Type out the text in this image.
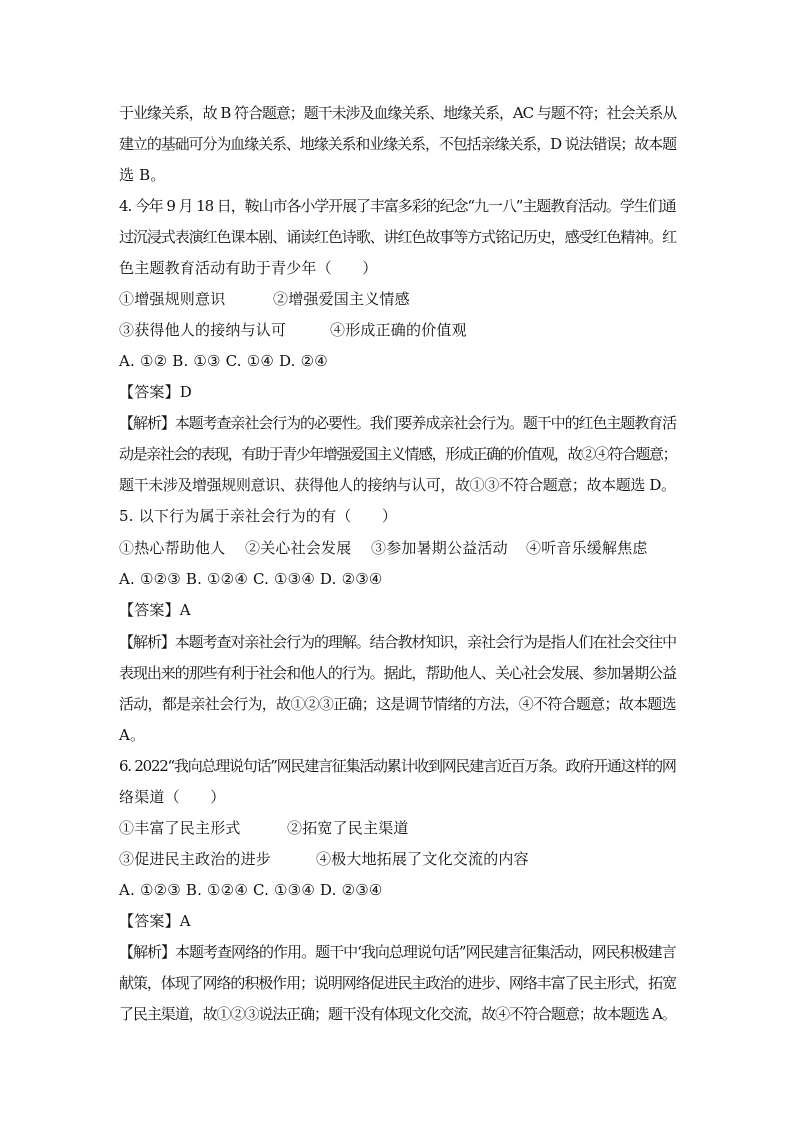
于业缘关系，故 B 符合题意；题干未涉及血缘关系、地缘关系，AC 与题不符；社会关系从
建立的基础可分为血缘关系、地缘关系和业缘关系，不包括亲缘关系，D 说法错误；故本题
选 B。
4. 今年 9 月 18 日，鞍山市各小学开展了丰富多彩的纪念“九一八”主题教育活动。学生们通
过沉浸式表演红色课本剧、诵读红色诗歌、讲红色故事等方式铭记历史，感受红色精神。红
色主题教育活动有助于青少年（　　）
①增强规则意识	②增强爱国主义情感
③获得他人的接纳与认可	④形成正确的价值观
A. ①② B. ①③ C. ①④ D. ②④
【答案】D
【解析】本题考查亲社会行为的必要性。我们要养成亲社会行为。题干中的红色主题教育活
动是亲社会的表现，有助于青少年增强爱国主义情感，形成正确的价值观，故②④符合题意；
题干未涉及增强规则意识、获得他人的接纳与认可，故①③不符合题意；故本题选 D。
5. 以下行为属于亲社会行为的有（　　）
①热心帮助他人 ②关心社会发展 ③参加暑期公益活动 ④听音乐缓解焦虑
A. ①②③ B. ①②④ C. ①③④ D. ②③④
【答案】A
【解析】本题考查对亲社会行为的理解。结合教材知识，亲社会行为是指人们在社会交往中
表现出来的那些有利于社会和他人的行为。据此，帮助他人、关心社会发展、参加暑期公益
活动，都是亲社会行为，故①②③正确；这是调节情绪的方法，④不符合题意；故本题选
A。
6. 2022“我向总理说句话”网民建言征集活动累计收到网民建言近百万条。政府开通这样的网
络渠道（　　）
①丰富了民主形式	②拓宽了民主渠道
③促进民主政治的进步	④极大地拓展了文化交流的内容
A. ①②③ B. ①②④ C. ①③④ D. ②③④
【答案】A
【解析】本题考查网络的作用。题干中‘我向总理说句话”网民建言征集活动，网民积极建言
献策，体现了网络的积极作用；说明网络促进民主政治的进步、网络丰富了民主形式，拓宽
了民主渠道，故①②③说法正确；题干没有体现文化交流，故④不符合题意；故本题选 A。
